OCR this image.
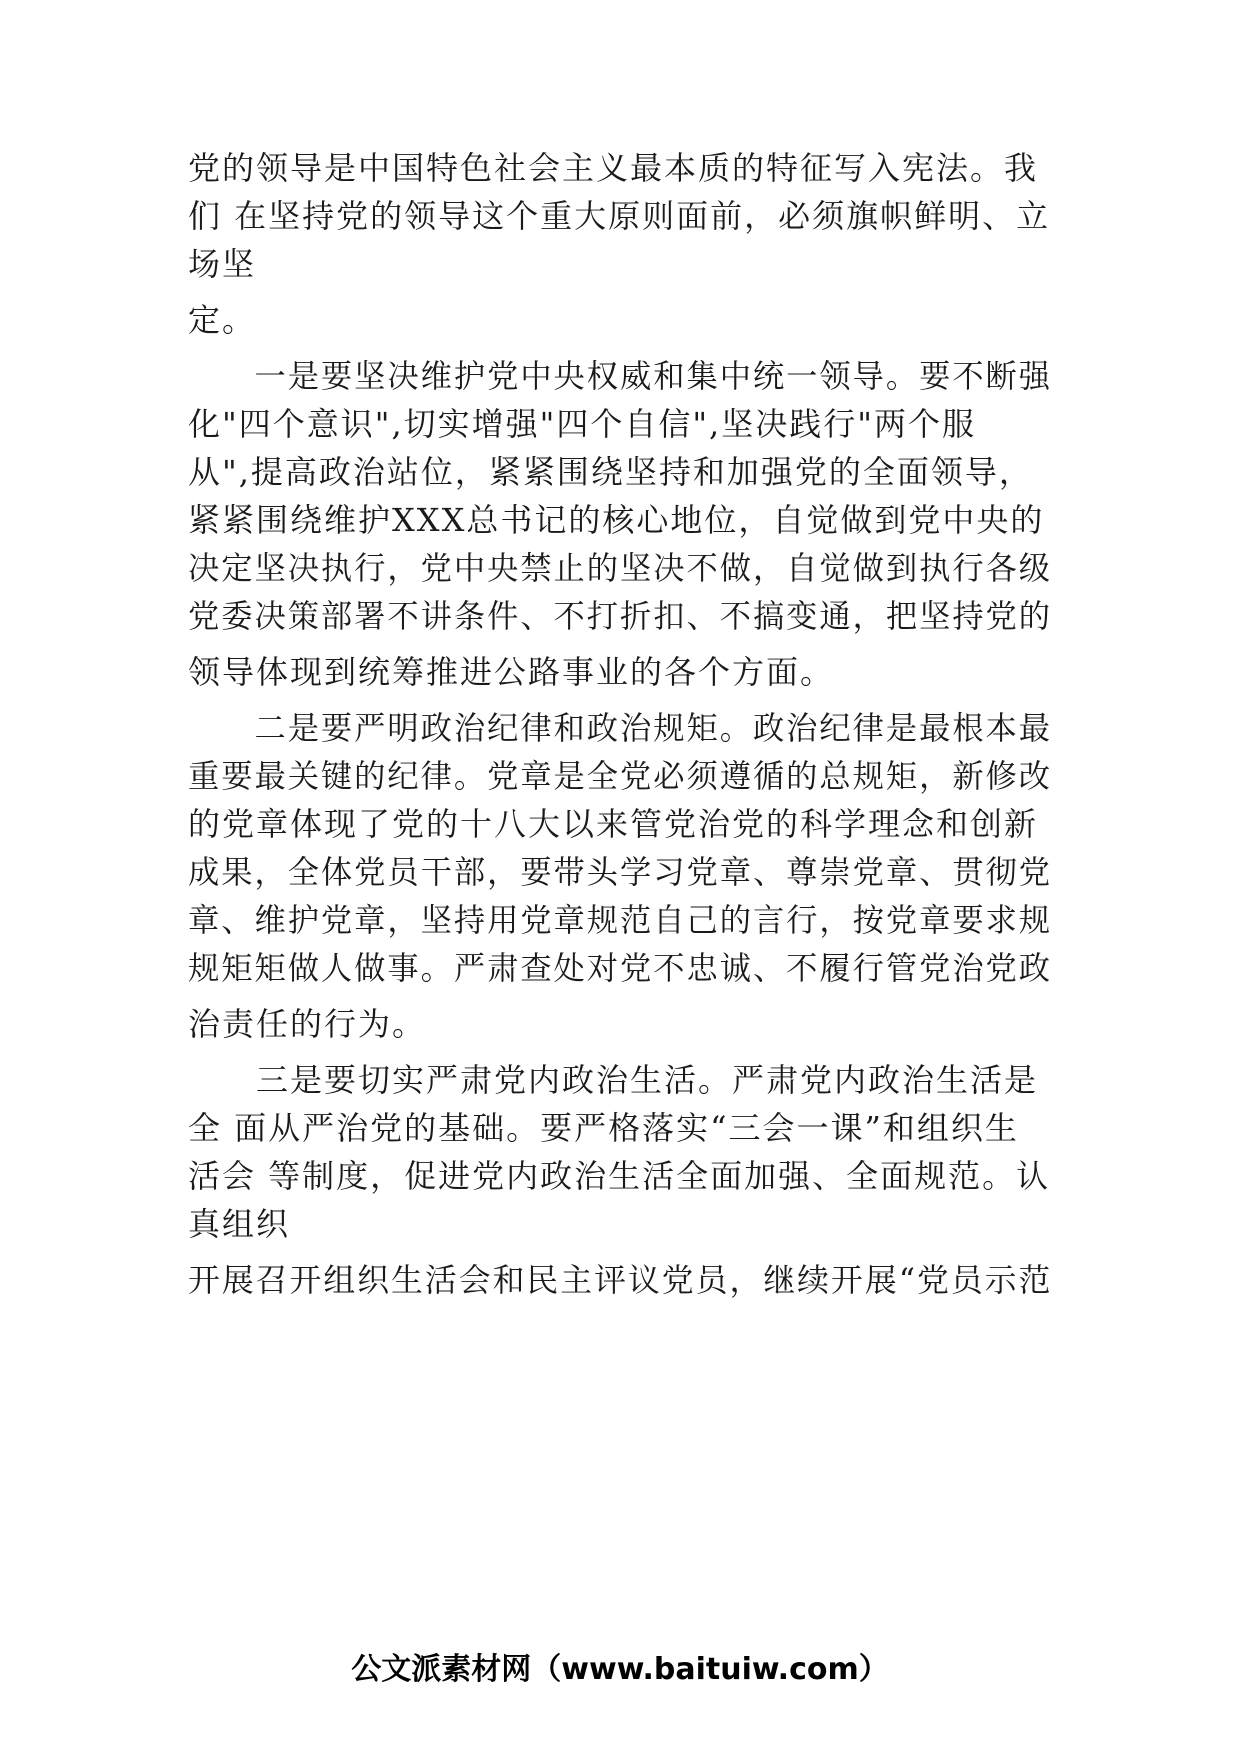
党的领导是中国特色社会主义最本质的特征写入宪法。我
们 在坚持党的领导这个重大原则面前，必须旗帜鲜明、立
场坚
定。
　　一是要坚决维护党中央权威和集中统一领导。要不断强
化"四个意识",切实增强"四个自信",坚决践行"两个服
从",提高政治站位，紧紧围绕坚持和加强党的全面领导，
紧紧围绕维护XXX总书记的核心地位，自觉做到党中央的
决定坚决执行，党中央禁止的坚决不做，自觉做到执行各级
党委决策部署不讲条件、不打折扣、不搞变通，把坚持党的
领导体现到统筹推进公路事业的各个方面。
　　二是要严明政治纪律和政治规矩。政治纪律是最根本最
重要最关键的纪律。党章是全党必须遵循的总规矩，新修改
的党章体现了党的十八大以来管党治党的科学理念和创新
成果，全体党员干部，要带头学习党章、尊崇党章、贯彻党
章、维护党章，坚持用党章规范自己的言行，按党章要求规
规矩矩做人做事。严肃查处对党不忠诚、不履行管党治党政
治责任的行为。
　　三是要切实严肃党内政治生活。严肃党内政治生活是
全 面从严治党的基础。要严格落实“三会一课”和组织生
活会 等制度，促进党内政治生活全面加强、全面规范。认
真组织
开展召开组织生活会和民主评议党员，继续开展“党员示范
公文派素材网（www.baituiw.com）
